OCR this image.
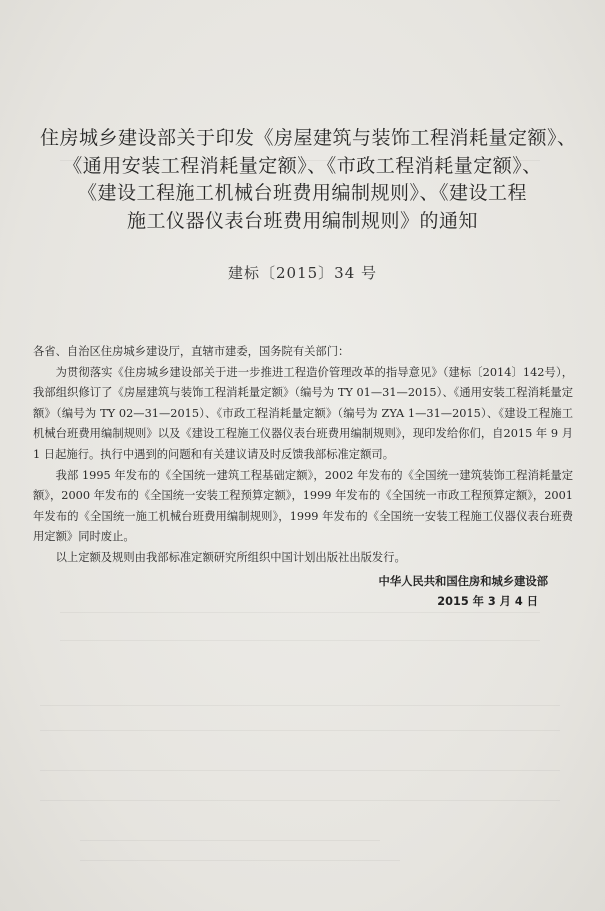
住房城乡建设部关于印发《房屋建筑与装饰工程消耗量定额》、
《通用安装工程消耗量定额》、《市政工程消耗量定额》、
《建设工程施工机械台班费用编制规则》、《建设工程
施工仪器仪表台班费用编制规则》的通知
建标〔2015〕34 号

各省、自治区住房城乡建设厅，直辖市建委，国务院有关部门：

为贯彻落实《住房城乡建设部关于进一步推进工程造价管理改革的指导意见》（建标〔2014〕142号），我部组织修订了《房屋建筑与装饰工程消耗量定额》（编号为 TY 01—31—2015）、《通用安装工程消耗量定额》（编号为 TY 02—31—2015）、《市政工程消耗量定额》（编号为 ZYA 1—31—2015）、《建设工程施工机械台班费用编制规则》以及《建设工程施工仪器仪表台班费用编制规则》，现印发给你们，自2015 年 9 月 1 日起施行。执行中遇到的问题和有关建议请及时反馈我部标准定额司。

我部 1995 年发布的《全国统一建筑工程基础定额》，2002 年发布的《全国统一建筑装饰工程消耗量定额》，2000 年发布的《全国统一安装工程预算定额》，1999 年发布的《全国统一市政工程预算定额》，2001 年发布的《全国统一施工机械台班费用编制规则》，1999 年发布的《全国统一安装工程施工仪器仪表台班费用定额》同时废止。

以上定额及规则由我部标准定额研究所组织中国计划出版社出版发行。

中华人民共和国住房和城乡建设部
2015 年 3 月 4 日
